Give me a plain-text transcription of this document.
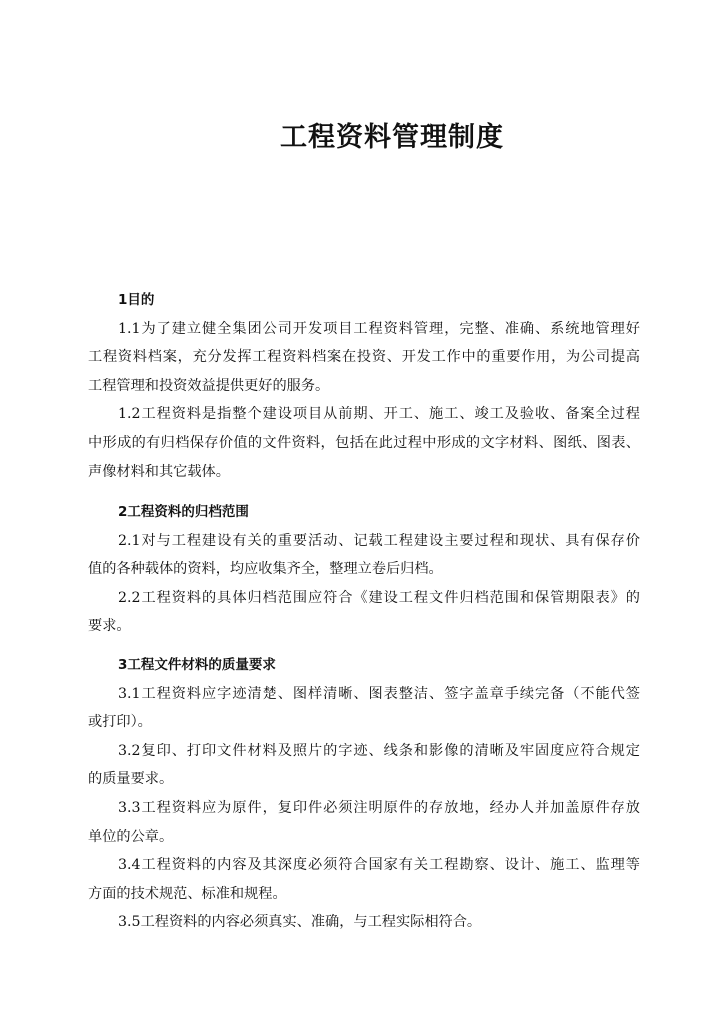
工程资料管理制度
1目的
1.1为了建立健全集团公司开发项目工程资料管理，完整、准确、系统地管理好
工程资料档案，充分发挥工程资料档案在投资、开发工作中的重要作用，为公司提高
工程管理和投资效益提供更好的服务。
1.2工程资料是指整个建设项目从前期、开工、施工、竣工及验收、备案全过程
中形成的有归档保存价值的文件资料，包括在此过程中形成的文字材料、图纸、图表、
声像材料和其它载体。
2工程资料的归档范围
2.1对与工程建设有关的重要活动、记载工程建设主要过程和现状、具有保存价
值的各种载体的资料，均应收集齐全，整理立卷后归档。
2.2工程资料的具体归档范围应符合《建设工程文件归档范围和保管期限表》的
要求。
3工程文件材料的质量要求
3.1工程资料应字迹清楚、图样清晰、图表整洁、签字盖章手续完备（不能代签
或打印）。
3.2复印、打印文件材料及照片的字迹、线条和影像的清晰及牢固度应符合规定
的质量要求。
3.3工程资料应为原件，复印件必须注明原件的存放地，经办人并加盖原件存放
单位的公章。
3.4工程资料的内容及其深度必须符合国家有关工程勘察、设计、施工、监理等
方面的技术规范、标准和规程。
3.5工程资料的内容必须真实、准确，与工程实际相符合。
